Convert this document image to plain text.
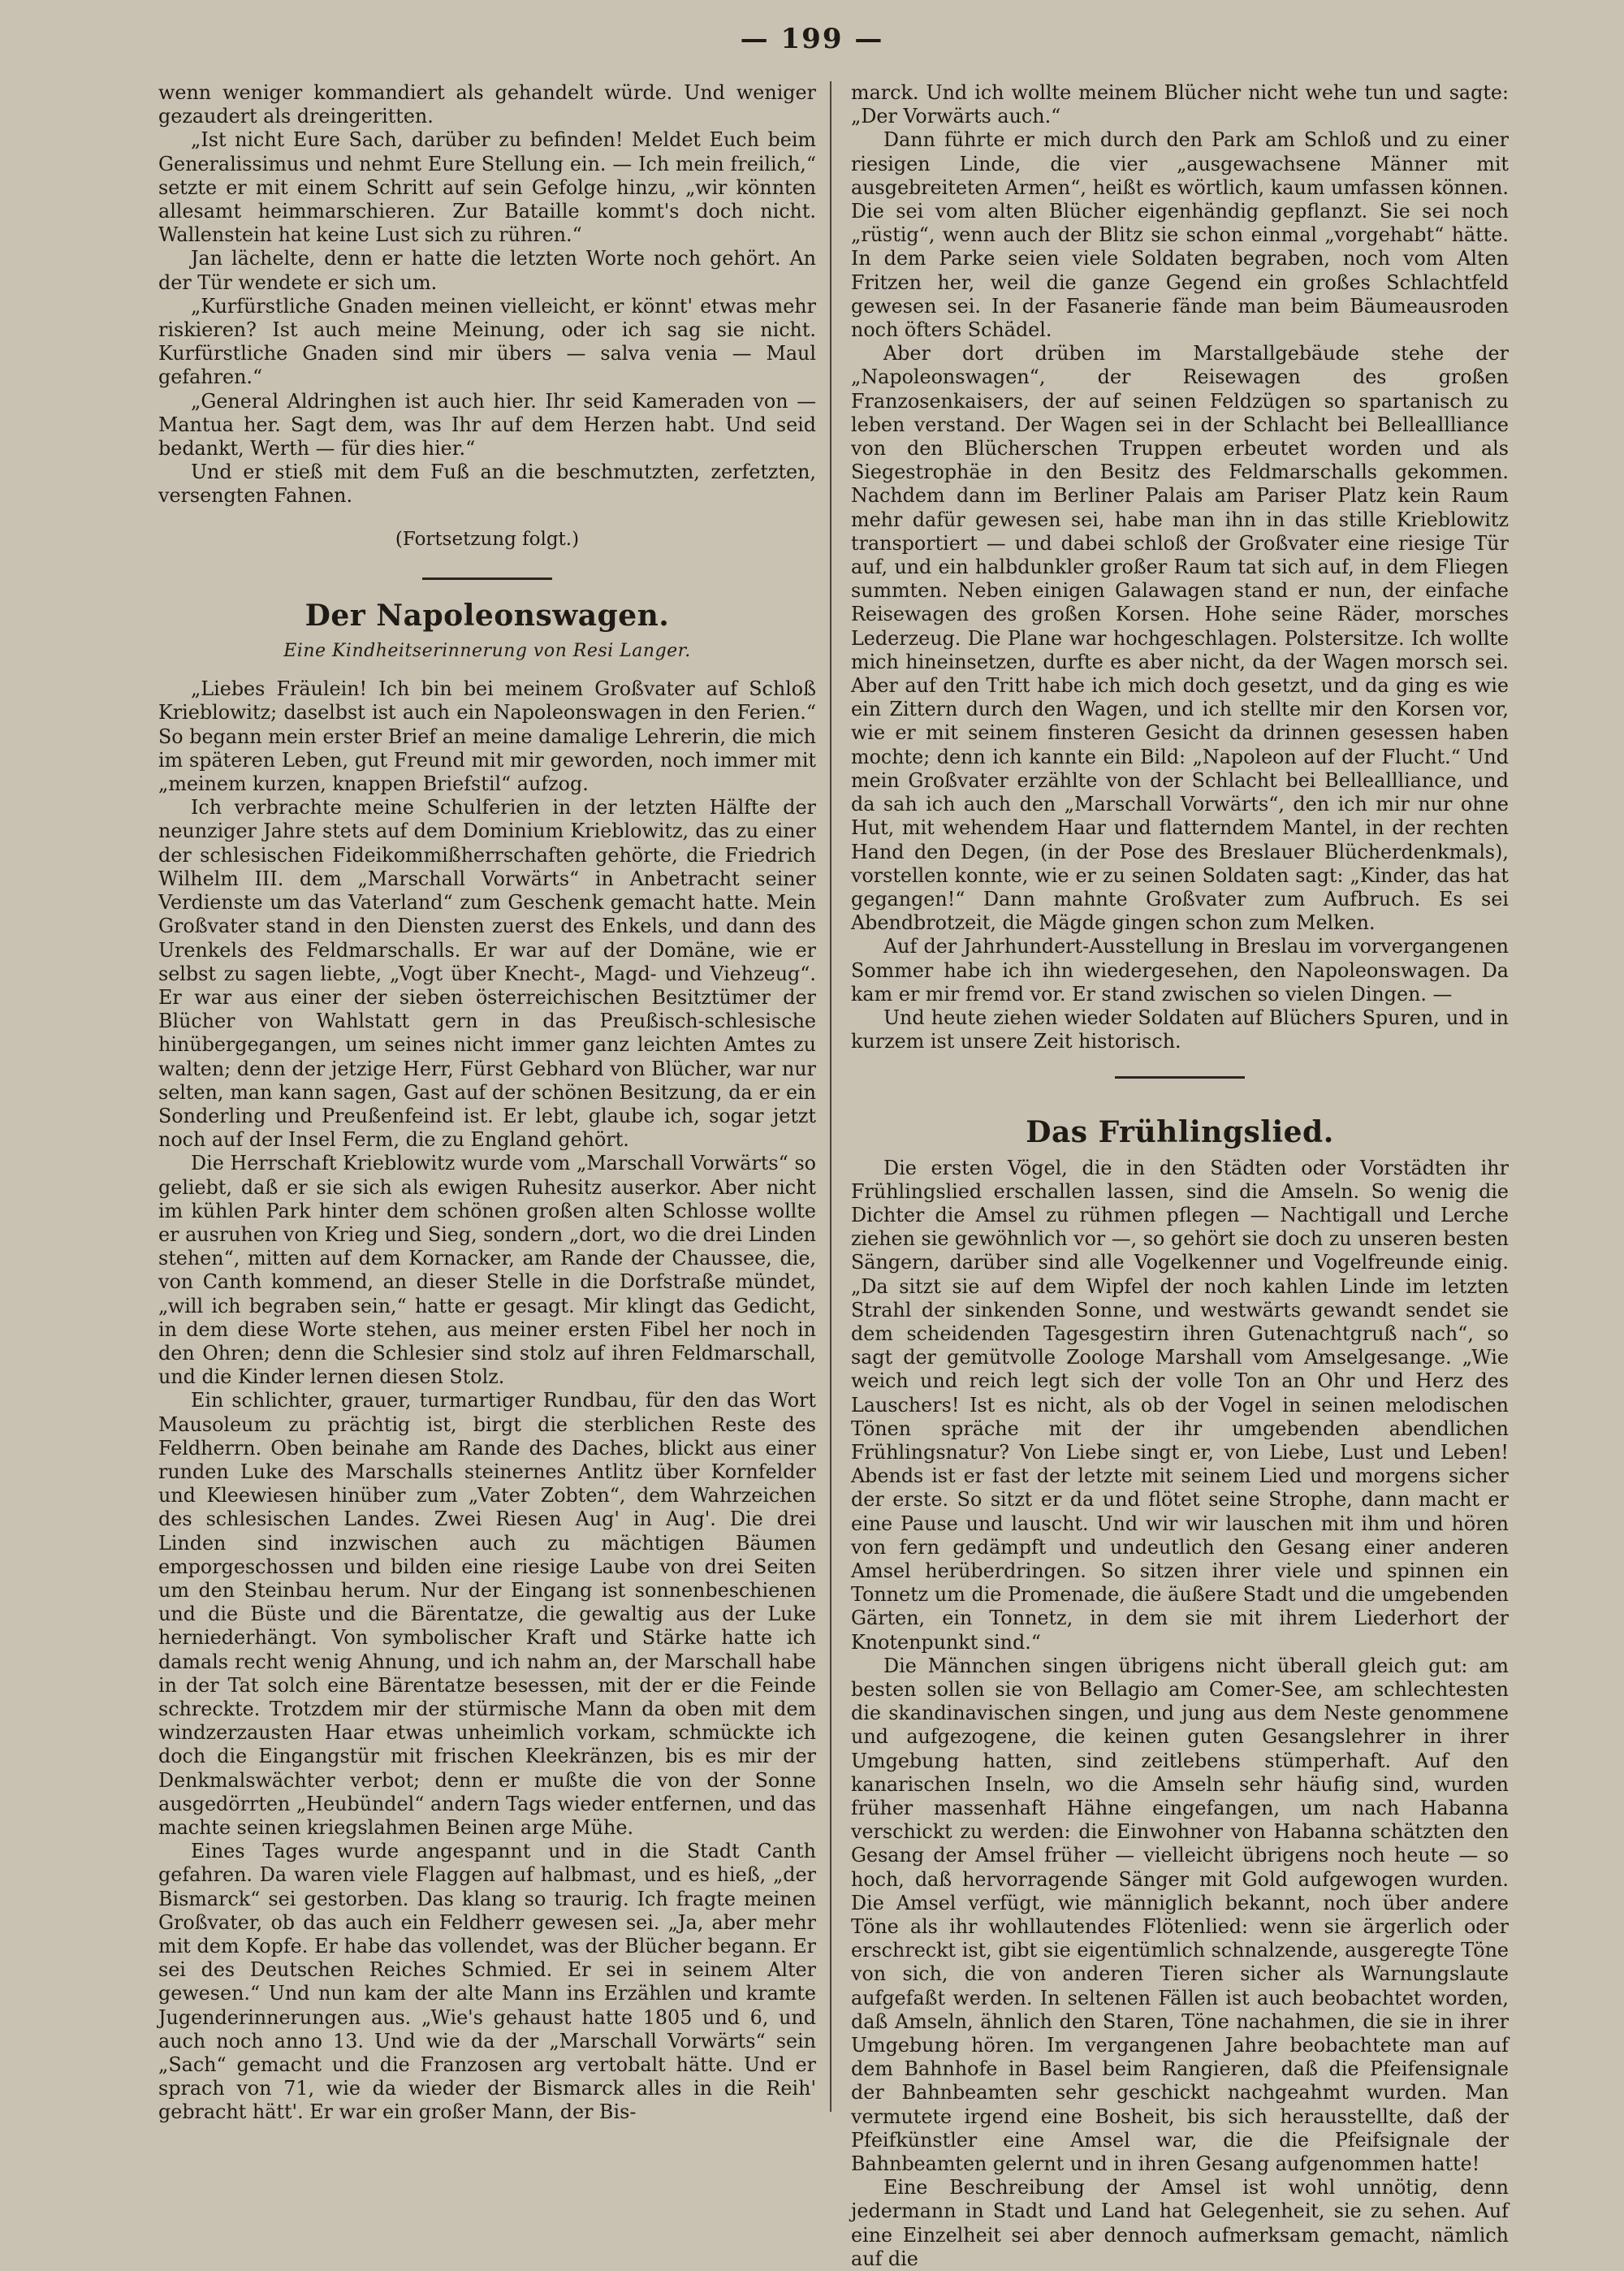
— 199 —

wenn weniger kommandiert als gehandelt würde. Und weniger gezaudert als dreingeritten.

„Ist nicht Eure Sach, darüber zu befinden! Meldet Euch beim Generalissimus und nehmt Eure Stellung ein. — Ich mein freilich,“ setzte er mit einem Schritt auf sein Gefolge hinzu, „wir könnten allesamt heimmarschieren. Zur Bataille kommt's doch nicht. Wallenstein hat keine Lust sich zu rühren.“

Jan lächelte, denn er hatte die letzten Worte noch gehört. An der Tür wendete er sich um.

„Kurfürstliche Gnaden meinen vielleicht, er könnt' etwas mehr riskieren? Ist auch meine Meinung, oder ich sag sie nicht. Kurfürstliche Gnaden sind mir übers — salva venia — Maul gefahren.“

„General Aldringhen ist auch hier. Ihr seid Kameraden von — Mantua her. Sagt dem, was Ihr auf dem Herzen habt. Und seid bedankt, Werth — für dies hier.“

Und er stieß mit dem Fuß an die beschmutzten, zerfetzten, versengten Fahnen.

(Fortsetzung folgt.)

Der Napoleonswagen.

Eine Kindheitserinnerung von Resi Langer.

„Liebes Fräulein! Ich bin bei meinem Großvater auf Schloß Krieblowitz; daselbst ist auch ein Napoleonswagen in den Ferien.“ So begann mein erster Brief an meine damalige Lehrerin, die mich im späteren Leben, gut Freund mit mir geworden, noch immer mit „meinem kurzen, knappen Briefstil“ aufzog.

Ich verbrachte meine Schulferien in der letzten Hälfte der neunziger Jahre stets auf dem Dominium Krieblowitz, das zu einer der schlesischen Fideikommißherrschaften gehörte, die Friedrich Wilhelm III. dem „Marschall Vorwärts“ in Anbetracht seiner Verdienste um das Vaterland“ zum Geschenk gemacht hatte. Mein Großvater stand in den Diensten zuerst des Enkels, und dann des Urenkels des Feldmarschalls. Er war auf der Domäne, wie er selbst zu sagen liebte, „Vogt über Knecht-, Magd- und Viehzeug“. Er war aus einer der sieben österreichischen Besitztümer der Blücher von Wahlstatt gern in das Preußisch-schlesische hinübergegangen, um seines nicht immer ganz leichten Amtes zu walten; denn der jetzige Herr, Fürst Gebhard von Blücher, war nur selten, man kann sagen, Gast auf der schönen Besitzung, da er ein Sonderling und Preußenfeind ist. Er lebt, glaube ich, sogar jetzt noch auf der Insel Ferm, die zu England gehört.

Die Herrschaft Krieblowitz wurde vom „Marschall Vorwärts“ so geliebt, daß er sie sich als ewigen Ruhesitz auserkor. Aber nicht im kühlen Park hinter dem schönen großen alten Schlosse wollte er ausruhen von Krieg und Sieg, sondern „dort, wo die drei Linden stehen“, mitten auf dem Kornacker, am Rande der Chaussee, die, von Canth kommend, an dieser Stelle in die Dorfstraße mündet, „will ich begraben sein,“ hatte er gesagt. Mir klingt das Gedicht, in dem diese Worte stehen, aus meiner ersten Fibel her noch in den Ohren; denn die Schlesier sind stolz auf ihren Feldmarschall, und die Kinder lernen diesen Stolz.

Ein schlichter, grauer, turmartiger Rundbau, für den das Wort Mausoleum zu prächtig ist, birgt die sterblichen Reste des Feldherrn. Oben beinahe am Rande des Daches, blickt aus einer runden Luke des Marschalls steinernes Antlitz über Kornfelder und Kleewiesen hinüber zum „Vater Zobten“, dem Wahrzeichen des schlesischen Landes. Zwei Riesen Aug' in Aug'. Die drei Linden sind inzwischen auch zu mächtigen Bäumen emporgeschossen und bilden eine riesige Laube von drei Seiten um den Steinbau herum. Nur der Eingang ist sonnenbeschienen und die Büste und die Bärentatze, die gewaltig aus der Luke herniederhängt. Von symbolischer Kraft und Stärke hatte ich damals recht wenig Ahnung, und ich nahm an, der Marschall habe in der Tat solch eine Bärentatze besessen, mit der er die Feinde schreckte. Trotzdem mir der stürmische Mann da oben mit dem windzerzausten Haar etwas unheimlich vorkam, schmückte ich doch die Eingangstür mit frischen Kleekränzen, bis es mir der Denkmalswächter verbot; denn er mußte die von der Sonne ausgedörrten „Heubündel“ andern Tags wieder entfernen, und das machte seinen kriegslahmen Beinen arge Mühe.

Eines Tages wurde angespannt und in die Stadt Canth gefahren. Da waren viele Flaggen auf halbmast, und es hieß, „der Bismarck“ sei gestorben. Das klang so traurig. Ich fragte meinen Großvater, ob das auch ein Feldherr gewesen sei. „Ja, aber mehr mit dem Kopfe. Er habe das vollendet, was der Blücher begann. Er sei des Deutschen Reiches Schmied. Er sei in seinem Alter gewesen.“ Und nun kam der alte Mann ins Erzählen und kramte Jugenderinnerungen aus. „Wie's gehaust hatte 1805 und 6, und auch noch anno 13. Und wie da der „Marschall Vorwärts“ sein „Sach“ gemacht und die Franzosen arg vertobalt hätte. Und er sprach von 71, wie da wieder der Bismarck alles in die Reih' gebracht hätt'. Er war ein großer Mann, der Bis-

marck. Und ich wollte meinem Blücher nicht wehe tun und sagte: „Der Vorwärts auch.“

Dann führte er mich durch den Park am Schloß und zu einer riesigen Linde, die vier „ausgewachsene Männer mit ausgebreiteten Armen“, heißt es wörtlich, kaum umfassen können. Die sei vom alten Blücher eigenhändig gepflanzt. Sie sei noch „rüstig“, wenn auch der Blitz sie schon einmal „vorgehabt“ hätte. In dem Parke seien viele Soldaten begraben, noch vom Alten Fritzen her, weil die ganze Gegend ein großes Schlachtfeld gewesen sei. In der Fasanerie fände man beim Bäumeausroden noch öfters Schädel.

Aber dort drüben im Marstallgebäude stehe der „Napoleonswagen“, der Reisewagen des großen Franzosenkaisers, der auf seinen Feldzügen so spartanisch zu leben verstand. Der Wagen sei in der Schlacht bei Belleallliance von den Blücherschen Truppen erbeutet worden und als Siegestrophäe in den Besitz des Feldmarschalls gekommen. Nachdem dann im Berliner Palais am Pariser Platz kein Raum mehr dafür gewesen sei, habe man ihn in das stille Krieblowitz transportiert — und dabei schloß der Großvater eine riesige Tür auf, und ein halbdunkler großer Raum tat sich auf, in dem Fliegen summten. Neben einigen Galawagen stand er nun, der einfache Reisewagen des großen Korsen. Hohe seine Räder, morsches Lederzeug. Die Plane war hochgeschlagen. Polstersitze. Ich wollte mich hineinsetzen, durfte es aber nicht, da der Wagen morsch sei. Aber auf den Tritt habe ich mich doch gesetzt, und da ging es wie ein Zittern durch den Wagen, und ich stellte mir den Korsen vor, wie er mit seinem finsteren Gesicht da drinnen gesessen haben mochte; denn ich kannte ein Bild: „Napoleon auf der Flucht.“ Und mein Großvater erzählte von der Schlacht bei Belleallliance, und da sah ich auch den „Marschall Vorwärts“, den ich mir nur ohne Hut, mit wehendem Haar und flatterndem Mantel, in der rechten Hand den Degen, (in der Pose des Breslauer Blücherdenkmals), vorstellen konnte, wie er zu seinen Soldaten sagt: „Kinder, das hat gegangen!“ Dann mahnte Großvater zum Aufbruch. Es sei Abendbrotzeit, die Mägde gingen schon zum Melken.

Auf der Jahrhundert-Ausstellung in Breslau im vorvergangenen Sommer habe ich ihn wiedergesehen, den Napoleonswagen. Da kam er mir fremd vor. Er stand zwischen so vielen Dingen. —

Und heute ziehen wieder Soldaten auf Blüchers Spuren, und in kurzem ist unsere Zeit historisch.

Das Frühlingslied.

Die ersten Vögel, die in den Städten oder Vorstädten ihr Frühlingslied erschallen lassen, sind die Amseln. So wenig die Dichter die Amsel zu rühmen pflegen — Nachtigall und Lerche ziehen sie gewöhnlich vor —, so gehört sie doch zu unseren besten Sängern, darüber sind alle Vogelkenner und Vogelfreunde einig. „Da sitzt sie auf dem Wipfel der noch kahlen Linde im letzten Strahl der sinkenden Sonne, und westwärts gewandt sendet sie dem scheidenden Tagesgestirn ihren Gutenachtgruß nach“, so sagt der gemütvolle Zoologe Marshall vom Amselgesange. „Wie weich und reich legt sich der volle Ton an Ohr und Herz des Lauschers! Ist es nicht, als ob der Vogel in seinen melodischen Tönen spräche mit der ihr umgebenden abendlichen Frühlingsnatur? Von Liebe singt er, von Liebe, Lust und Leben! Abends ist er fast der letzte mit seinem Lied und morgens sicher der erste. So sitzt er da und flötet seine Strophe, dann macht er eine Pause und lauscht. Und wir wir lauschen mit ihm und hören von fern gedämpft und undeutlich den Gesang einer anderen Amsel herüberdringen. So sitzen ihrer viele und spinnen ein Tonnetz um die Promenade, die äußere Stadt und die umgebenden Gärten, ein Tonnetz, in dem sie mit ihrem Liederhort der Knotenpunkt sind.“

Die Männchen singen übrigens nicht überall gleich gut: am besten sollen sie von Bellagio am Comer-See, am schlechtesten die skandinavischen singen, und jung aus dem Neste genommene und aufgezogene, die keinen guten Gesangslehrer in ihrer Umgebung hatten, sind zeitlebens stümperhaft. Auf den kanarischen Inseln, wo die Amseln sehr häufig sind, wurden früher massenhaft Hähne eingefangen, um nach Habanna verschickt zu werden: die Einwohner von Habanna schätzten den Gesang der Amsel früher — vielleicht übrigens noch heute — so hoch, daß hervorragende Sänger mit Gold aufgewogen wurden. Die Amsel verfügt, wie männiglich bekannt, noch über andere Töne als ihr wohllautendes Flötenlied: wenn sie ärgerlich oder erschreckt ist, gibt sie eigentümlich schnalzende, ausgeregte Töne von sich, die von anderen Tieren sicher als Warnungslaute aufgefaßt werden. In seltenen Fällen ist auch beobachtet worden, daß Amseln, ähnlich den Staren, Töne nachahmen, die sie in ihrer Umgebung hören. Im vergangenen Jahre beobachtete man auf dem Bahnhofe in Basel beim Rangieren, daß die Pfeifensignale der Bahnbeamten sehr geschickt nachgeahmt wurden. Man vermutete irgend eine Bosheit, bis sich herausstellte, daß der Pfeifkünstler eine Amsel war, die die Pfeifsignale der Bahnbeamten gelernt und in ihren Gesang aufgenommen hatte!

Eine Beschreibung der Amsel ist wohl unnötig, denn jedermann in Stadt und Land hat Gelegenheit, sie zu sehen. Auf eine Einzelheit sei aber dennoch aufmerksam gemacht, nämlich auf die
